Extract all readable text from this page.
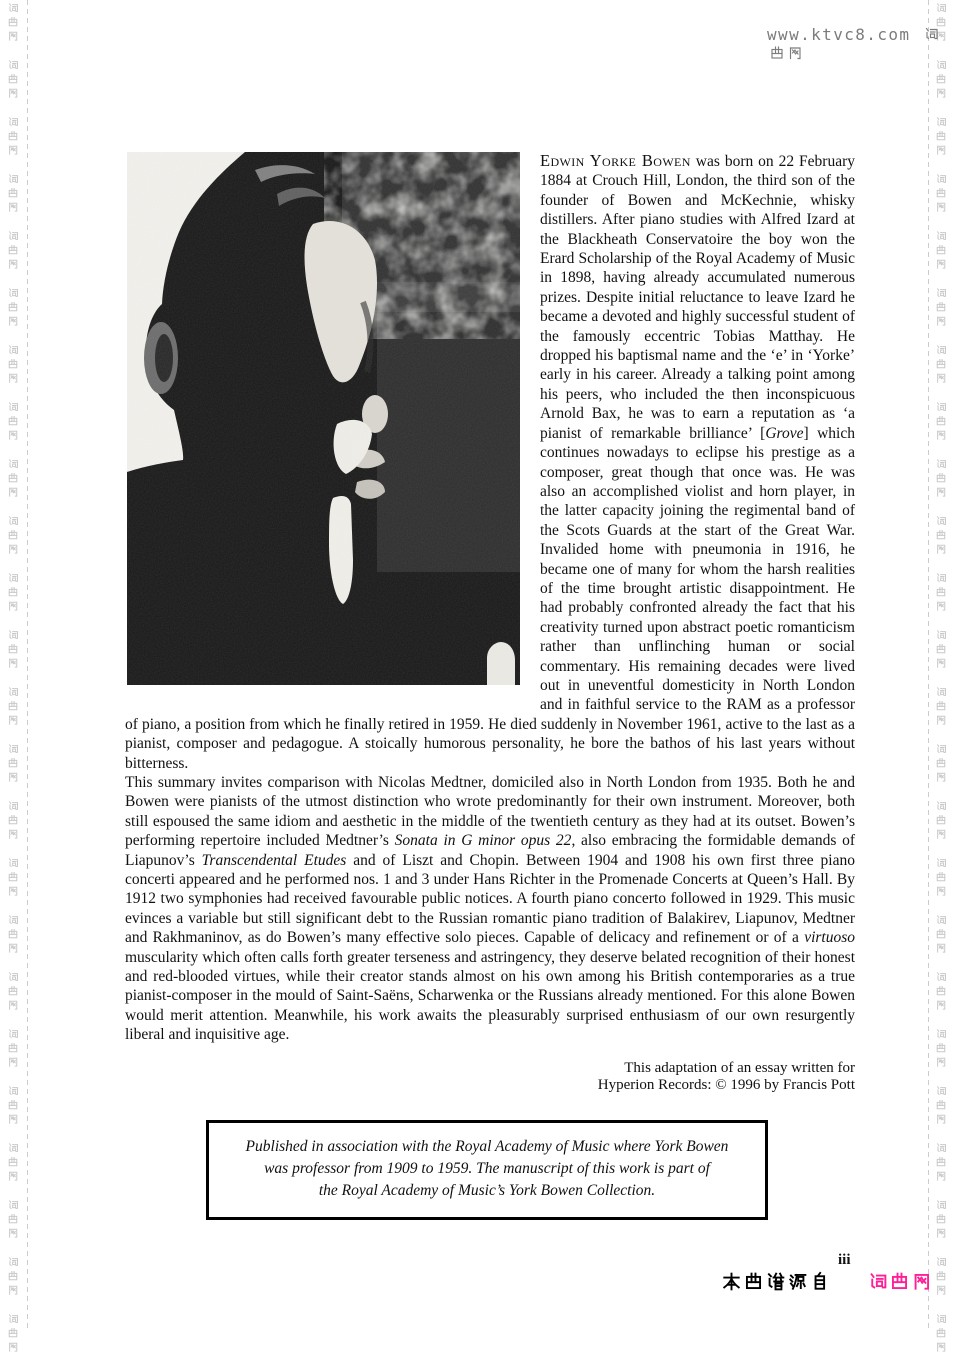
www.ktvc8.com

Edwin Yorke Bowen was born on 22 February 1884 at Crouch Hill, London, the third son of the founder of Bowen and McKechnie, whisky distillers. After piano studies with Alfred Izard at the Blackheath Conservatoire the boy won the Erard Scholarship of the Royal Academy of Music in 1898, having already accumulated numerous prizes. Despite initial reluctance to leave Izard he became a devoted and highly successful student of the famously eccentric Tobias Matthay. He dropped his baptismal name and the ‘e’ in ‘Yorke’ early in his career. Already a talking point among his peers, who included the then inconspicuous Arnold Bax, he was to earn a reputation as ‘a pianist of remarkable brilliance’ [Grove] which continues nowadays to eclipse his prestige as a composer, great though that once was. He was also an accomplished violist and horn player, in the latter capacity joining the regimental band of the Scots Guards at the start of the Great War. Invalided home with pneumonia in 1916, he became one of many for whom the harsh realities of the time brought artistic disappointment. He had probably confronted already the fact that his creativity turned upon abstract poetic romanticism rather than unflinching human or social commentary. His remaining decades were lived out in uneventful domesticity in North London and in faithful service to the RAM as a professor of piano, a position from which he finally retired in 1959. He died suddenly in November 1961, active to the last as a pianist, composer and pedagogue. A stoically humorous personality, he bore the bathos of his last years without bitterness.

This summary invites comparison with Nicolas Medtner, domiciled also in North London from 1935. Both he and Bowen were pianists of the utmost distinction who wrote predominantly for their own instrument. Moreover, both still espoused the same idiom and aesthetic in the middle of the twentieth century as they had at its outset. Bowen’s performing repertoire included Medtner’s Sonata in G minor opus 22, also embracing the formidable demands of Liapunov’s Transcendental Etudes and of Liszt and Chopin. Between 1904 and 1908 his own first three piano concerti appeared and he performed nos. 1 and 3 under Hans Richter in the Promenade Concerts at Queen’s Hall. By 1912 two symphonies had received favourable public notices. A fourth piano concerto followed in 1929. This music evinces a variable but still significant debt to the Russian romantic piano tradition of Balakirev, Liapunov, Medtner and Rakhmaninov, as do Bowen’s many effective solo pieces. Capable of delicacy and refinement or of a virtuoso muscularity which often calls forth greater terseness and astringency, they deserve belated recognition of their honest and red-blooded virtues, while their creator stands almost on his own among his British contemporaries as a true pianist-composer in the mould of Saint-Saëns, Scharwenka or the Russians already mentioned. For this alone Bowen would merit attention. Meanwhile, his work awaits the pleasurably surprised enthusiasm of our own resurgently liberal and inquisitive age.

This adaptation of an essay written for
Hyperion Records: © 1996 by Francis Pott
Published in association with the Royal Academy of Music where York Bowen
was professor from 1909 to 1959. The manuscript of this work is part of
the Royal Academy of Music’s York Bowen Collection.
iii
